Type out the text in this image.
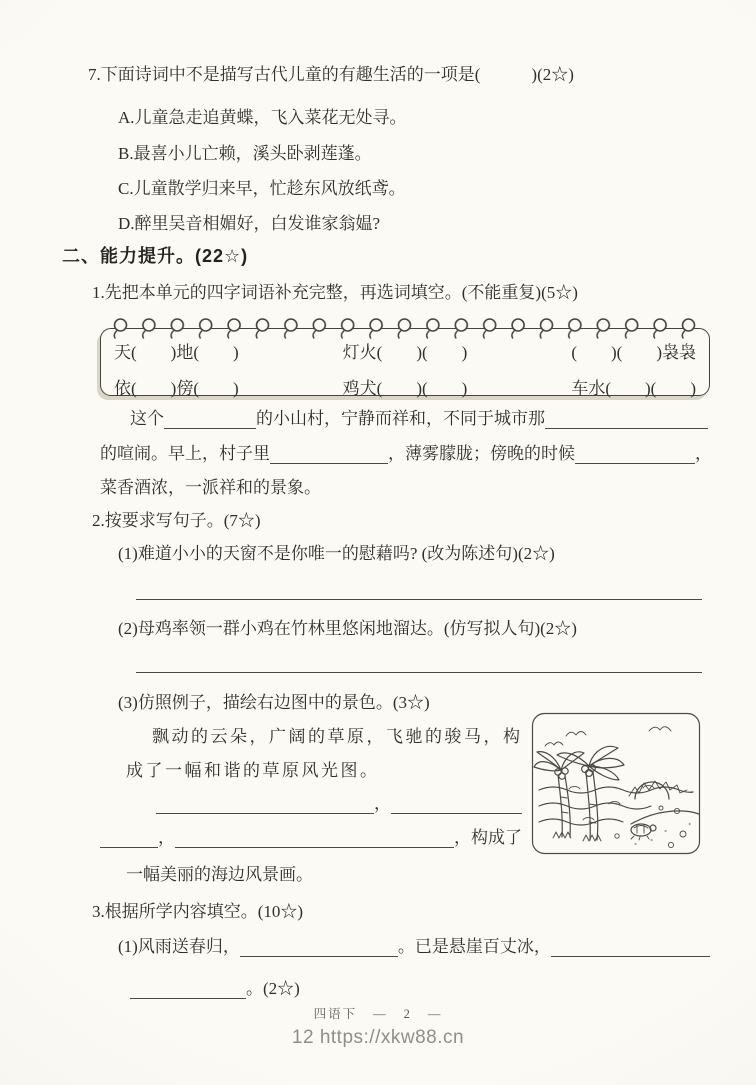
7.下面诗词中不是描写古代儿童的有趣生活的一项是(　　　)(2☆)
A.儿童急走追黄蝶，飞入菜花无处寻。
B.最喜小儿亡赖，溪头卧剥莲蓬。
C.儿童散学归来早，忙趁东风放纸鸢。
D.醉里吴音相媚好，白发谁家翁媪?
二、能力提升。(22☆)
1.先把本单元的四字词语补充完整，再选词填空。(不能重复)(5☆)
天(　　)地(　　)	灯火(　　)(　　)	(　　)(　　)袅袅
依(　　)傍(　　)	鸡犬(　　)(　　)	车水(　　)(　　)
这个	的小山村，宁静而祥和，不同于城市那
的喧闹。早上，村子里	，薄雾朦胧；傍晚的时候	，
菜香酒浓，一派祥和的景象。
2.按要求写句子。(7☆)
(1)难道小小的天窗不是你唯一的慰藉吗? (改为陈述句)(2☆)
(2)母鸡率领一群小鸡在竹林里悠闲地溜达。(仿写拟人句)(2☆)
(3)仿照例子，描绘右边图中的景色。(3☆)
飘动的云朵，广阔的草原，飞驰的骏马，构
成了一幅和谐的草原风光图。
，
，	，构成了
一幅美丽的海边风景画。
3.根据所学内容填空。(10☆)
(1)风雨送春归，	。已是悬崖百丈冰，
。(2☆)
四语下 — 2 —
12 https://xkw88.cn
